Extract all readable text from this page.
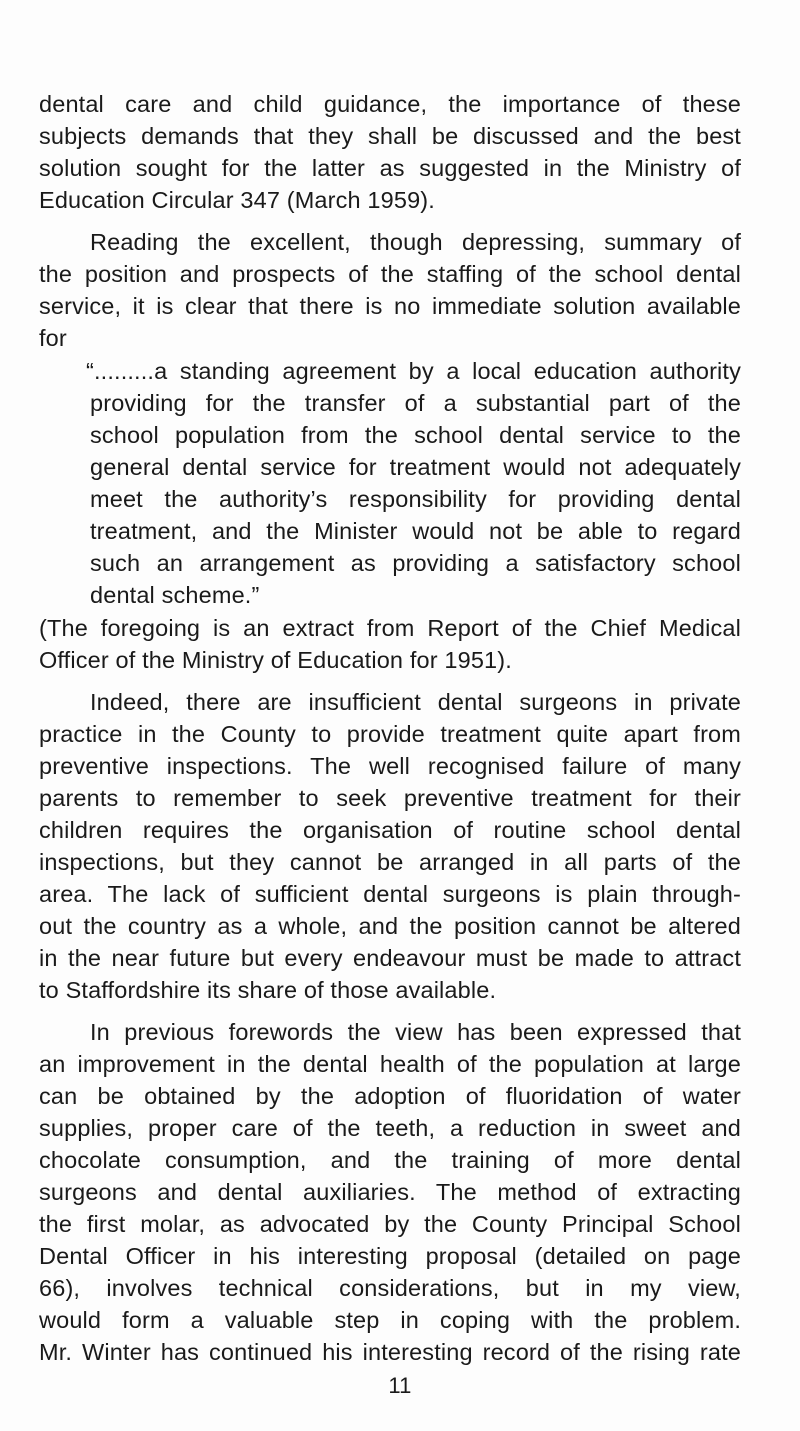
dental care and child guidance, the importance of these
subjects demands that they shall be discussed and the best
solution sought for the latter as suggested in the Ministry of
Education Circular 347 (March 1959).
Reading the excellent, though depressing, summary of
the position and prospects of the staffing of the school dental
service, it is clear that there is no immediate solution available
for
“.........a standing agreement by a local education authority
providing for the transfer of a substantial part of the
school population from the school dental service to the
general dental service for treatment would not adequately
meet the authority’s responsibility for providing dental
treatment, and the Minister would not be able to regard
such an arrangement as providing a satisfactory school
dental scheme.”
(The foregoing is an extract from Report of the Chief Medical
Officer of the Ministry of Education for 1951).
Indeed, there are insufficient dental surgeons in private
practice in the County to provide treatment quite apart from
preventive inspections. The well recognised failure of many
parents to remember to seek preventive treatment for their
children requires the organisation of routine school dental
inspections, but they cannot be arranged in all parts of the
area. The lack of sufficient dental surgeons is plain through-
out the country as a whole, and the position cannot be altered
in the near future but every endeavour must be made to attract
to Staffordshire its share of those available.
In previous forewords the view has been expressed that
an improvement in the dental health of the population at large
can be obtained by the adoption of fluoridation of water
supplies, proper care of the teeth, a reduction in sweet and
chocolate consumption, and the training of more dental
surgeons and dental auxiliaries. The method of extracting
the first molar, as advocated by the County Principal School
Dental Officer in his interesting proposal (detailed on page
66), involves technical considerations, but in my view,
would form a valuable step in coping with the problem.
Mr. Winter has continued his interesting record of the rising rate
11
